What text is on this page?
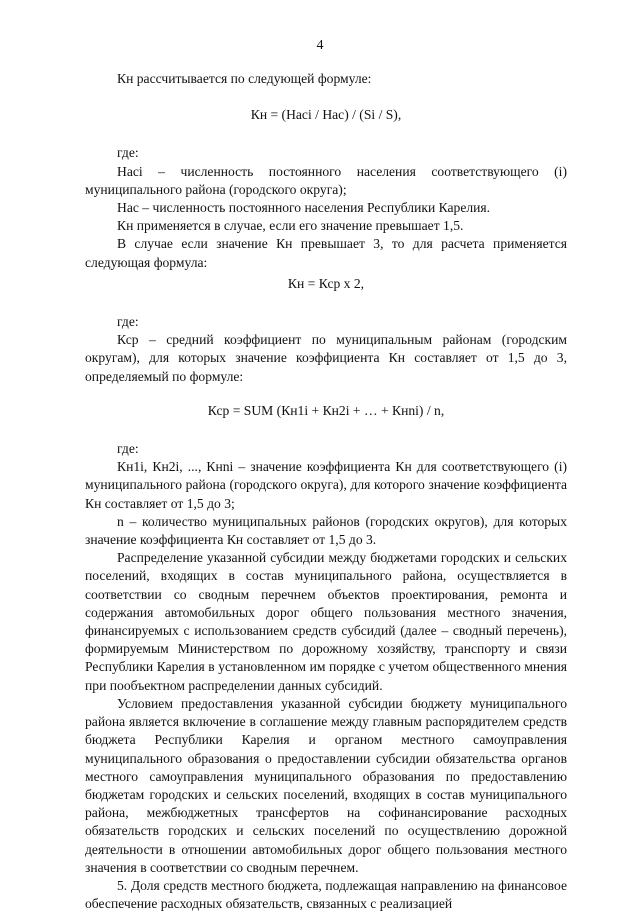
4

Кн рассчитывается по следующей формуле:

Кн = (Насi / Нас) / (Si / S),

где:

Насi – численность постоянного населения соответствующего (i) муниципального района (городского округа);

Нас – численность постоянного населения Республики Карелия.

Кн применяется в случае, если его значение превышает 1,5.

В случае если значение Кн превышает 3, то для расчета применяется следующая формула:

Кн = Кср х 2,

где:

Кср – средний коэффициент по муниципальным районам (городским округам), для которых значение коэффициента Кн составляет от 1,5 до 3, определяемый по формуле:

Кср = SUM (Кн1i + Кн2i + … + Кнni) / n,

где:

Кн1i, Кн2i, ..., Кнni – значение коэффициента Кн для соответствующего (i) муниципального района (городского округа), для которого значение коэффициента Кн составляет от 1,5 до 3;

n – количество муниципальных районов (городских округов), для которых значение коэффициента Кн составляет от 1,5 до 3.

Распределение указанной субсидии между бюджетами городских и сельских поселений, входящих в состав муниципального района, осуществляется в соответствии со сводным перечнем объектов проектирования, ремонта и содержания автомобильных дорог общего пользования местного значения, финансируемых с использованием средств субсидий (далее – сводный перечень), формируемым Министерством по дорожному хозяйству, транспорту и связи Республики Карелия в установленном им порядке с учетом общественного мнения при пообъектном распределении данных субсидий.

Условием предоставления указанной субсидии бюджету муниципального района является включение в соглашение между главным распорядителем средств бюджета Республики Карелия и органом местного самоуправления муниципального образования о предоставлении субсидии обязательства органов местного самоуправления муниципального образования по предоставлению бюджетам городских и сельских поселений, входящих в состав муниципального района, межбюджетных трансфертов на софинансирование расходных обязательств городских и сельских поселений по осуществлению дорожной деятельности в отношении автомобильных дорог общего пользования местного значения в соответствии со сводным перечнем.

5. Доля средств местного бюджета, подлежащая направлению на финансовое обеспечение расходных обязательств, связанных с реализацией
